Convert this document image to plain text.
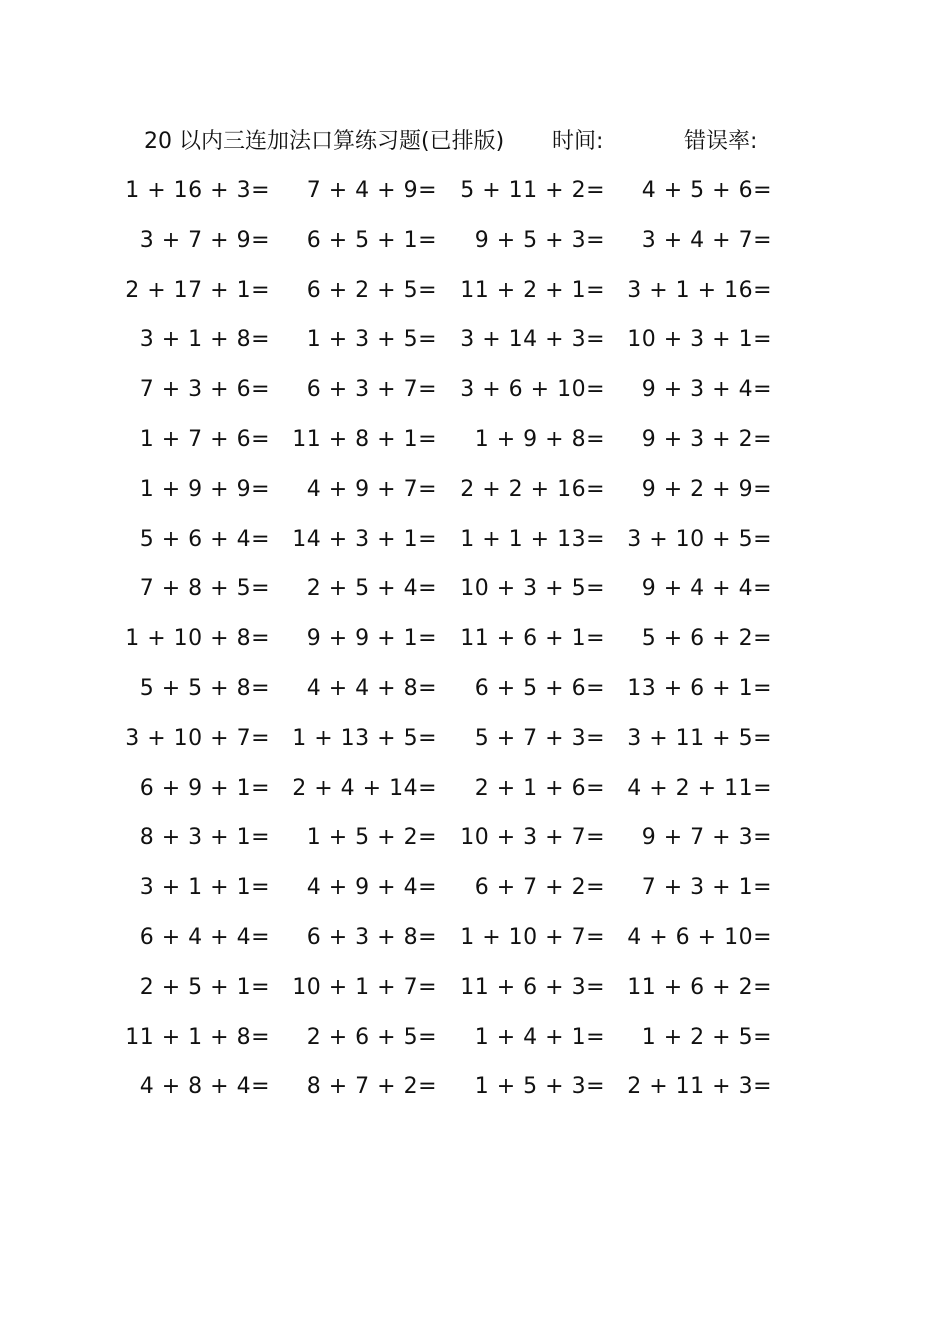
20 以内三连加法口算练习题(已排版) 时间:	错误率:
1 + 16 + 3=	7 + 4 + 9=	5 + 11 + 2=	4 + 5 + 6=
3 + 7 + 9=	6 + 5 + 1=	9 + 5 + 3=	3 + 4 + 7=
2 + 17 + 1=	6 + 2 + 5=	11 + 2 + 1=	3 + 1 + 16=
3 + 1 + 8=	1 + 3 + 5=	3 + 14 + 3=	10 + 3 + 1=
7 + 3 + 6=	6 + 3 + 7=	3 + 6 + 10=	9 + 3 + 4=
1 + 7 + 6=	11 + 8 + 1=	1 + 9 + 8=	9 + 3 + 2=
1 + 9 + 9=	4 + 9 + 7=	2 + 2 + 16=	9 + 2 + 9=
5 + 6 + 4=	14 + 3 + 1=	1 + 1 + 13=	3 + 10 + 5=
7 + 8 + 5=	2 + 5 + 4=	10 + 3 + 5=	9 + 4 + 4=
1 + 10 + 8=	9 + 9 + 1=	11 + 6 + 1=	5 + 6 + 2=
5 + 5 + 8=	4 + 4 + 8=	6 + 5 + 6=	13 + 6 + 1=
3 + 10 + 7=	1 + 13 + 5=	5 + 7 + 3=	3 + 11 + 5=
6 + 9 + 1=	2 + 4 + 14=	2 + 1 + 6=	4 + 2 + 11=
8 + 3 + 1=	1 + 5 + 2=	10 + 3 + 7=	9 + 7 + 3=
3 + 1 + 1=	4 + 9 + 4=	6 + 7 + 2=	7 + 3 + 1=
6 + 4 + 4=	6 + 3 + 8=	1 + 10 + 7=	4 + 6 + 10=
2 + 5 + 1=	10 + 1 + 7=	11 + 6 + 3=	11 + 6 + 2=
11 + 1 + 8=	2 + 6 + 5=	1 + 4 + 1=	1 + 2 + 5=
4 + 8 + 4=	8 + 7 + 2=	1 + 5 + 3=	2 + 11 + 3=
